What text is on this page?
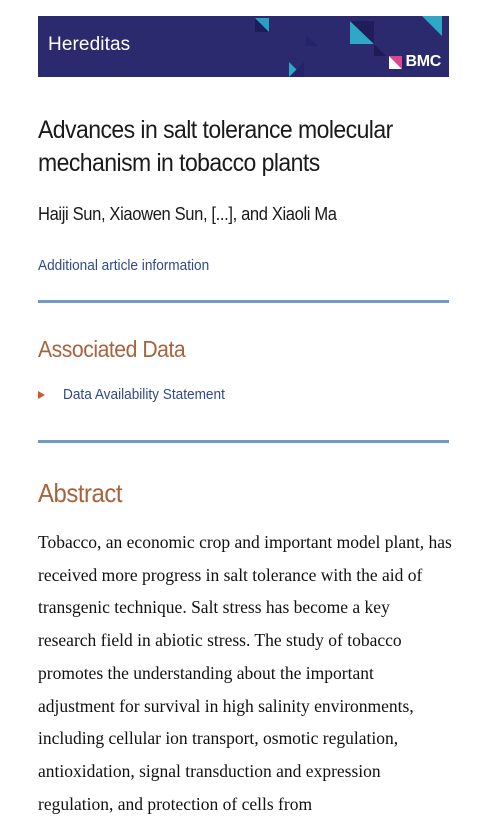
Hereditas
BMC
Advances in salt tolerance molecular mechanism in tobacco plants
Haiji Sun, Xiaowen Sun, [...], and Xiaoli Ma
Additional article information
Associated Data
Data Availability Statement
Abstract

Tobacco, an economic crop and important model plant, has received more progress in salt tolerance with the aid of transgenic technique. Salt stress has become a key research field in abiotic stress. The study of tobacco promotes the understanding about the important adjustment for survival in high salinity environments, including cellular ion transport, osmotic regulation, antioxidation, signal transduction and expression regulation, and protection of cells from
